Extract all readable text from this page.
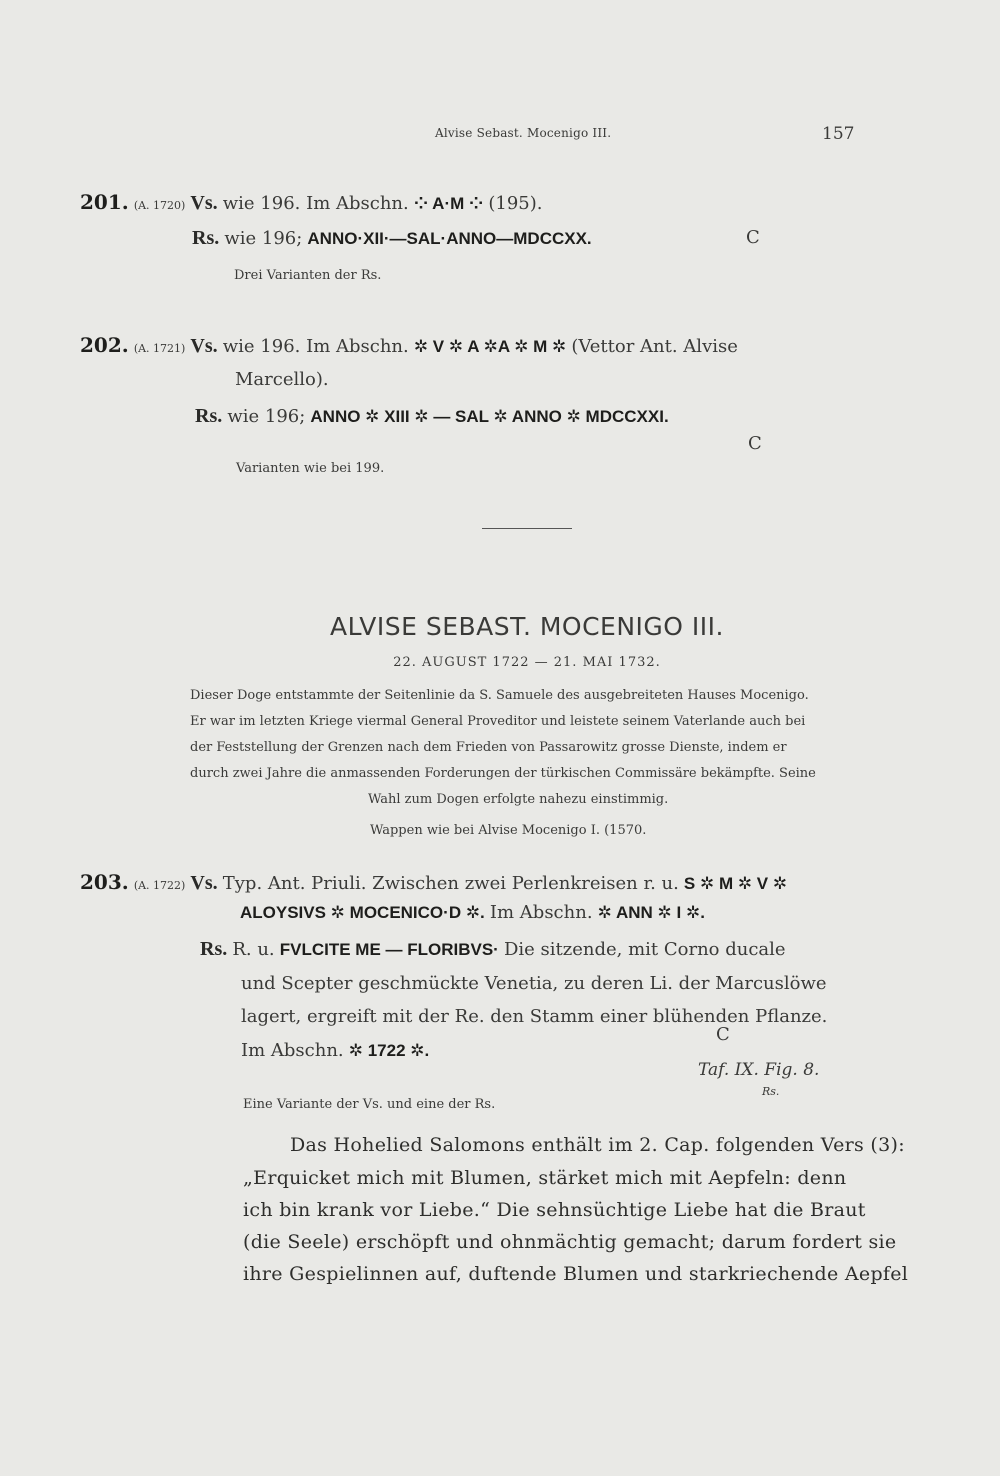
Alvise Sebast. Mocenigo III.	157
201. (A. 1720) Vs. wie 196. Im Abschn. ⁘ A·M ⁘ (195).
Rs. wie 196; ANNO·XII·—SAL·ANNO—MDCCXX.	C
Drei Varianten der Rs.
202. (A. 1721) Vs. wie 196. Im Abschn. ✲ V ✲ A ✲A ✲ M ✲ (Vettor Ant. Alvise
Marcello).
Rs. wie 196; ANNO ✲ XIII ✲ — SAL ✲ ANNO ✲ MDCCXXI.
C
Varianten wie bei 199.
ALVISE SEBAST. MOCENIGO III.
22. AUGUST 1722 — 21. MAI 1732.
Dieser Doge entstammte der Seitenlinie da S. Samuele des ausgebreiteten Hauses Mocenigo.
Er war im letzten Kriege viermal General Proveditor und leistete seinem Vaterlande auch bei
der Feststellung der Grenzen nach dem Frieden von Passarowitz grosse Dienste, indem er
durch zwei Jahre die anmassenden Forderungen der türkischen Commissäre bekämpfte. Seine
Wahl zum Dogen erfolgte nahezu einstimmig.
Wappen wie bei Alvise Mocenigo I. (1570.
203. (A. 1722) Vs. Typ. Ant. Priuli. Zwischen zwei Perlenkreisen r. u. S ✲ M ✲ V ✲
ALOYSIVS ✲ MOCENICO·D ✲. Im Abschn. ✲ ANN ✲ I ✲.
Rs. R. u. FVLCITE ME — FLORIBVS· Die sitzende, mit Corno ducale
und Scepter geschmückte Venetia, zu deren Li. der Marcuslöwe
lagert, ergreift mit der Re. den Stamm einer blühenden Pflanze.
Im Abschn. ✲ 1722 ✲.
C
Taf. IX. Fig. 8.
Rs.
Eine Variante der Vs. und eine der Rs.
Das Hohelied Salomons enthält im 2. Cap. folgenden Vers (3):
„Erquicket mich mit Blumen, stärket mich mit Aepfeln: denn
ich bin krank vor Liebe.“ Die sehnsüchtige Liebe hat die Braut
(die Seele) erschöpft und ohnmächtig gemacht; darum fordert sie
ihre Gespielinnen auf, duftende Blumen und starkriechende Aepfel
